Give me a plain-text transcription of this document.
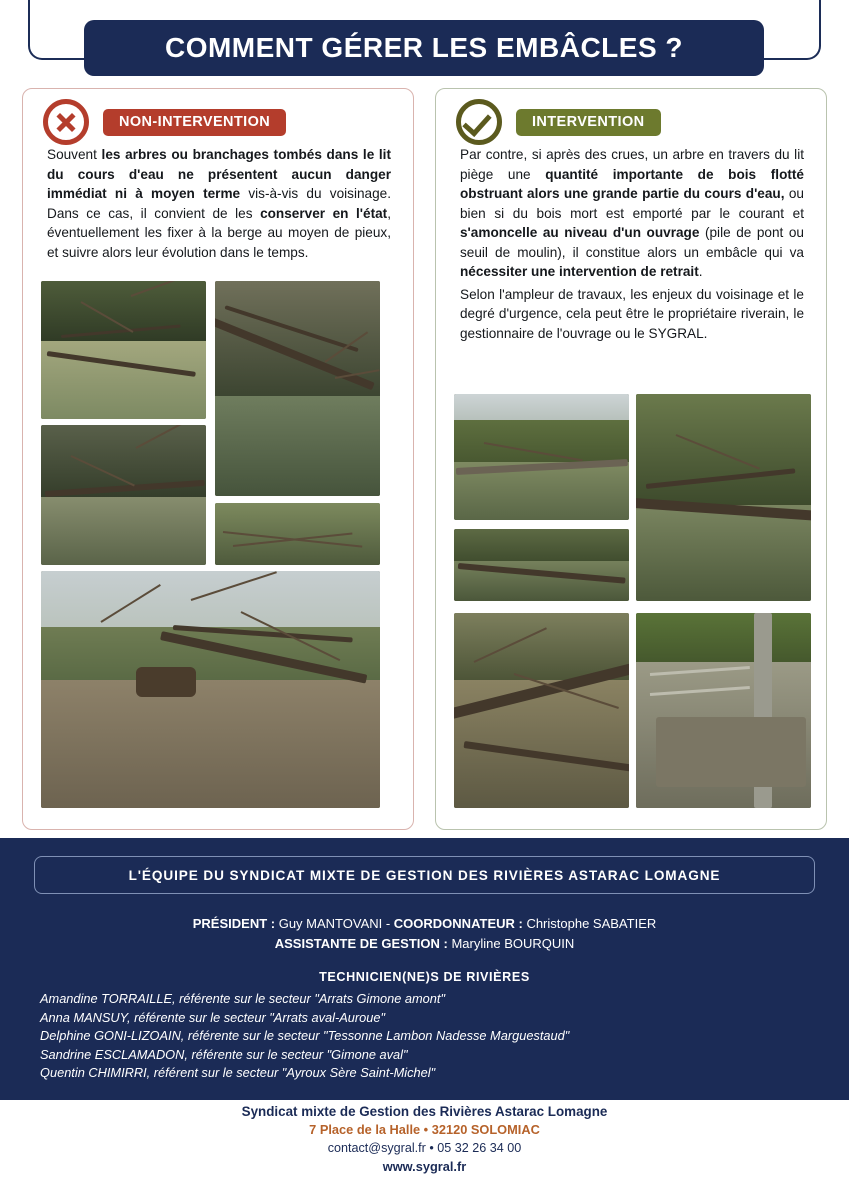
COMMENT GÉRER LES EMBÂCLES ?
NON-INTERVENTION

Souvent les arbres ou branchages tombés dans le lit du cours d'eau ne présentent aucun danger immédiat ni à moyen terme vis-à-vis du voisinage. Dans ce cas, il convient de les conserver en l'état, éventuellement les fixer à la berge au moyen de pieux, et suivre alors leur évolution dans le temps.

INTERVENTION

Par contre, si après des crues, un arbre en travers du lit piège une quantité importante de bois flotté obstruant alors une grande partie du cours d'eau, ou bien si du bois mort est emporté par le courant et s'amoncelle au niveau d'un ouvrage (pile de pont ou seuil de moulin), il constitue alors un embâcle qui va nécessiter une intervention de retrait.

Selon l'ampleur de travaux, les enjeux du voisinage et le degré d'urgence, cela peut être le propriétaire riverain, le gestionnaire de l'ouvrage ou le SYGRAL.

L'ÉQUIPE DU SYNDICAT MIXTE DE GESTION DES RIVIÈRES ASTARAC LOMAGNE
PRÉSIDENT : Guy MANTOVANI - COORDONNATEUR : Christophe SABATIER
ASSISTANTE DE GESTION : Maryline BOURQUIN
TECHNICIEN(NE)S DE RIVIÈRES
Amandine TORRAILLE, référente sur le secteur "Arrats Gimone amont"
Anna MANSUY, référente sur le secteur "Arrats aval-Auroue"
Delphine GONI-LIZOAIN, référente sur le secteur "Tessonne Lambon Nadesse Marguestaud"
Sandrine ESCLAMADON, référente sur le secteur "Gimone aval"
Quentin CHIMIRRI, référent sur le secteur "Ayroux Sère Saint-Michel"
Syndicat mixte de Gestion des Rivières Astarac Lomagne
7 Place de la Halle • 32120 SOLOMIAC
contact@sygral.fr • 05 32 26 34 00
www.sygral.fr
